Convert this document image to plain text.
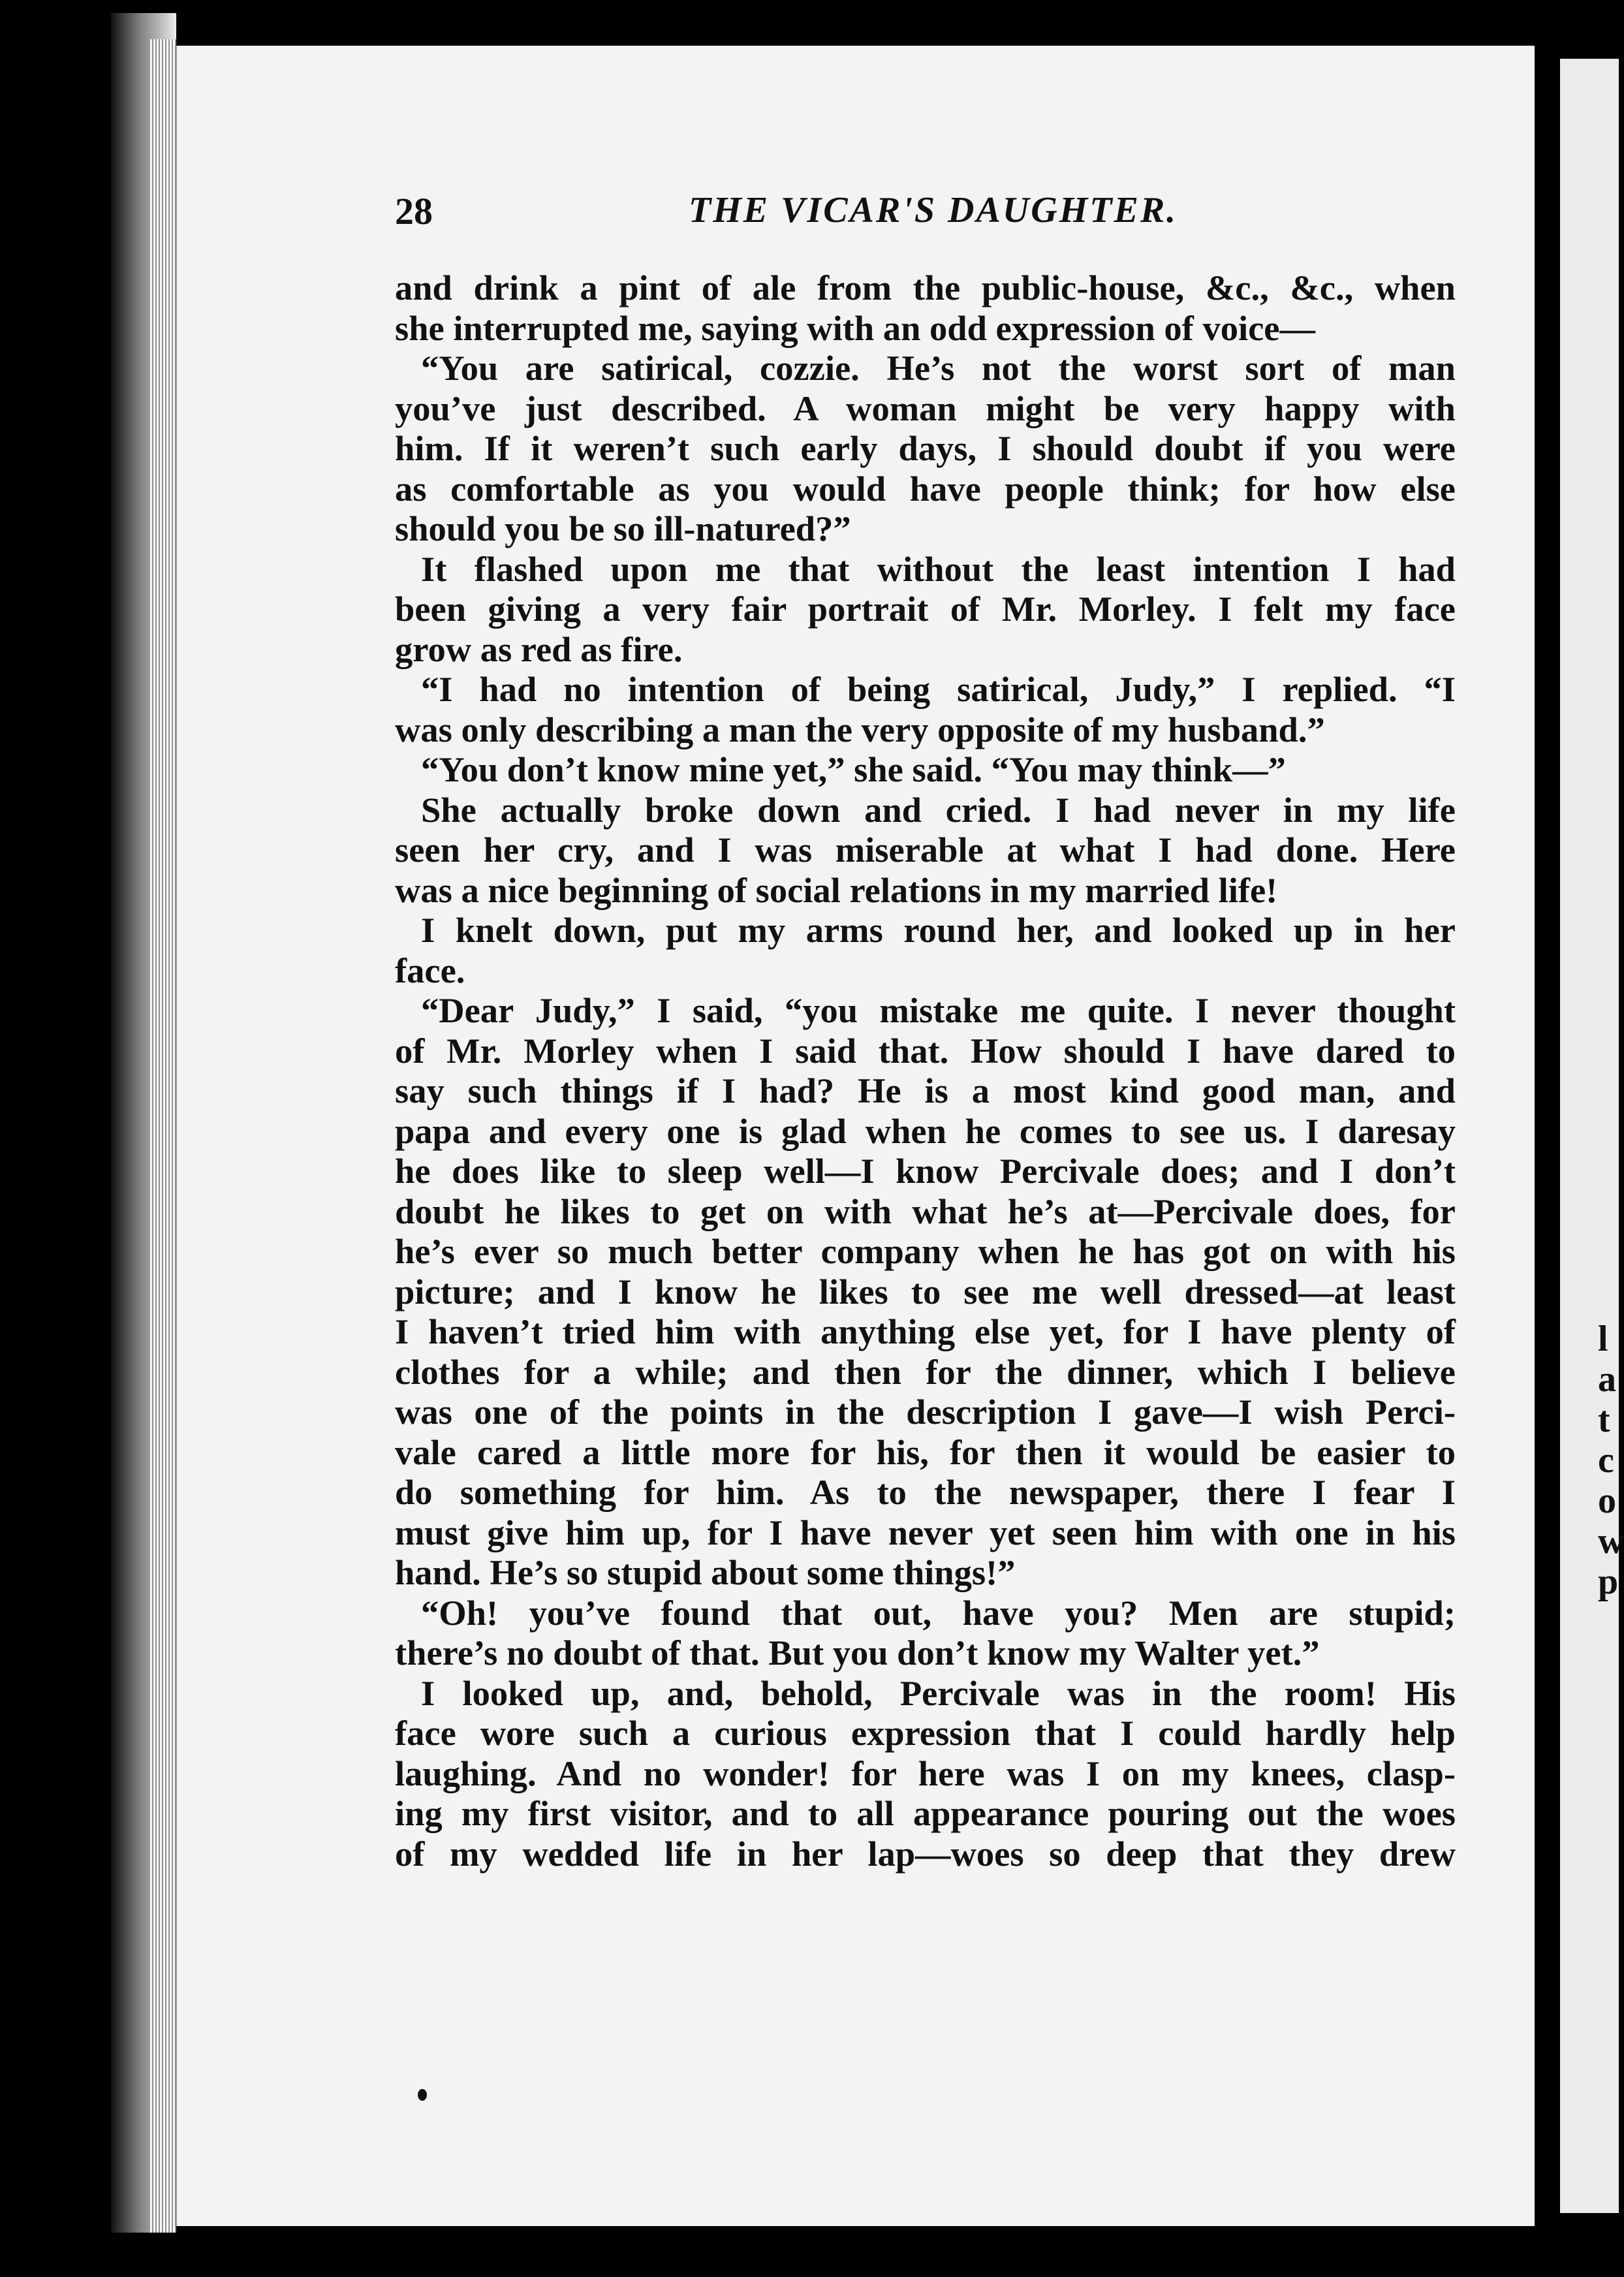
l
a
t
c
o
w
p
28	THE VICAR'S DAUGHTER.
and drink a pint of ale from the public-house, &c., &c., when
she interrupted me, saying with an odd expression of voice—
“You are satirical, cozzie. He’s not the worst sort of man
you’ve just described. A woman might be very happy with
him. If it weren’t such early days, I should doubt if you were
as comfortable as you would have people think; for how else
should you be so ill-natured?”
It flashed upon me that without the least intention I had
been giving a very fair portrait of Mr. Morley. I felt my face
grow as red as fire.
“I had no intention of being satirical, Judy,” I replied. “I
was only describing a man the very opposite of my husband.”
“You don’t know mine yet,” she said. “You may think—”
She actually broke down and cried. I had never in my life
seen her cry, and I was miserable at what I had done. Here
was a nice beginning of social relations in my married life!
I knelt down, put my arms round her, and looked up in her
face.
“Dear Judy,” I said, “you mistake me quite. I never thought
of Mr. Morley when I said that. How should I have dared to
say such things if I had? He is a most kind good man, and
papa and every one is glad when he comes to see us. I daresay
he does like to sleep well—I know Percivale does; and I don’t
doubt he likes to get on with what he’s at—Percivale does, for
he’s ever so much better company when he has got on with his
picture; and I know he likes to see me well dressed—at least
I haven’t tried him with anything else yet, for I have plenty of
clothes for a while; and then for the dinner, which I believe
was one of the points in the description I gave—I wish Perci-
vale cared a little more for his, for then it would be easier to
do something for him. As to the newspaper, there I fear I
must give him up, for I have never yet seen him with one in his
hand. He’s so stupid about some things!”
“Oh! you’ve found that out, have you? Men are stupid;
there’s no doubt of that. But you don’t know my Walter yet.”
I looked up, and, behold, Percivale was in the room! His
face wore such a curious expression that I could hardly help
laughing. And no wonder! for here was I on my knees, clasp-
ing my first visitor, and to all appearance pouring out the woes
of my wedded life in her lap—woes so deep that they drew
